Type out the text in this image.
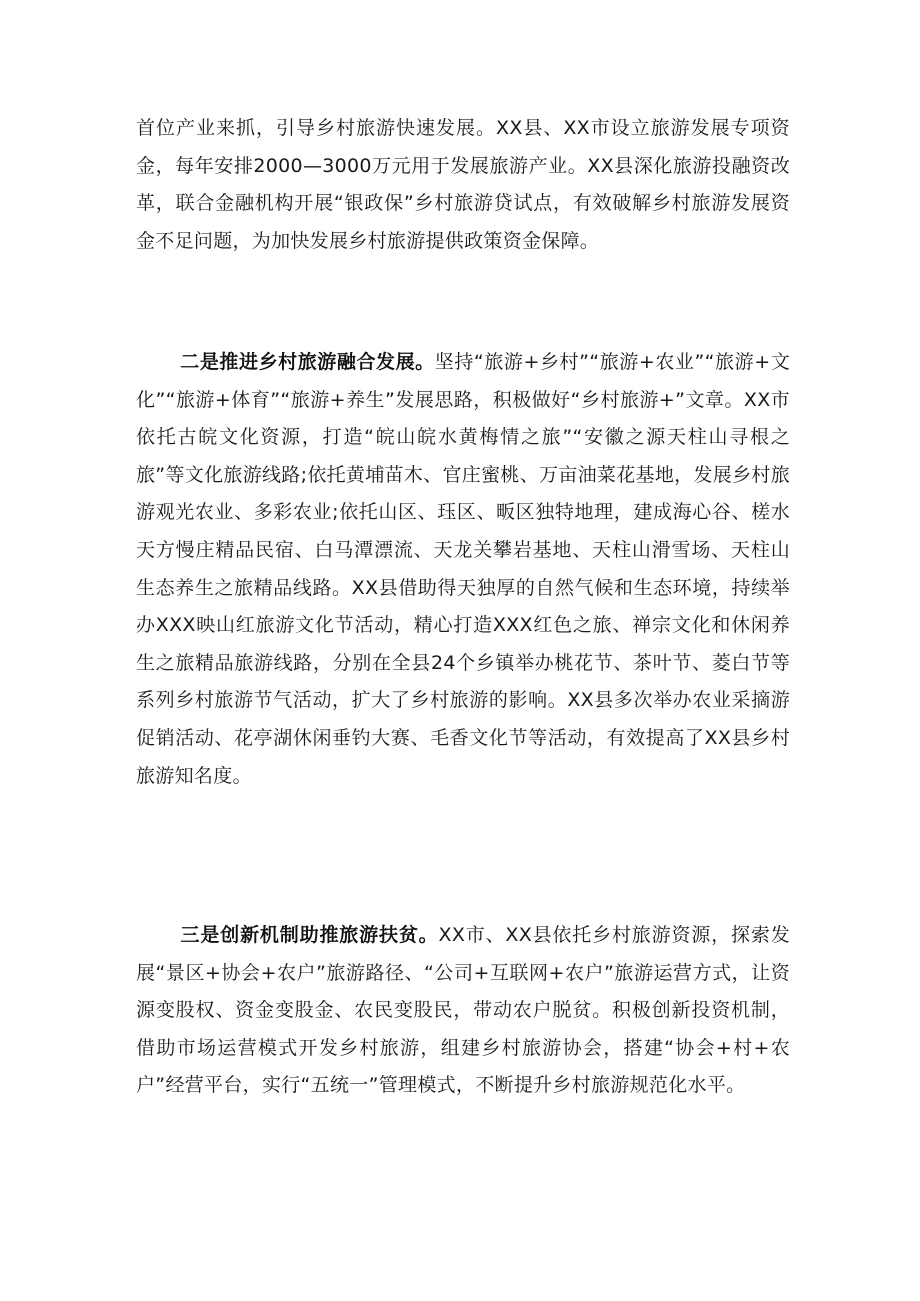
首位产业来抓，引导乡村旅游快速发展。XX县、XX市设立旅游发展专项资金，每年安排2000—3000万元用于发展旅游产业。XX县深化旅游投融资改革，联合金融机构开展“银政保”乡村旅游贷试点，有效破解乡村旅游发展资金不足问题，为加快发展乡村旅游提供政策资金保障。

二是推进乡村旅游融合发展。坚持“旅游+乡村”“旅游+农业”“旅游+文化”“旅游+体育”“旅游+养生”发展思路，积极做好“乡村旅游+”文章。XX市依托古皖文化资源，打造“皖山皖水黄梅情之旅”“安徽之源天柱山寻根之旅”等文化旅游线路;依托黄埔苗木、官庄蜜桃、万亩油菜花基地，发展乡村旅游观光农业、多彩农业;依托山区、珏区、畈区独特地理，建成海心谷、槎水天方慢庄精品民宿、白马潭漂流、天龙关攀岩基地、天柱山滑雪场、天柱山生态养生之旅精品线路。XX县借助得天独厚的自然气候和生态环境，持续举办XXX映山红旅游文化节活动，精心打造XXX红色之旅、禅宗文化和休闲养生之旅精品旅游线路，分别在全县24个乡镇举办桃花节、茶叶节、菱白节等系列乡村旅游节气活动，扩大了乡村旅游的影响。XX县多次举办农业采摘游促销活动、花亭湖休闲垂钓大赛、毛香文化节等活动，有效提高了XX县乡村旅游知名度。

三是创新机制助推旅游扶贫。XX市、XX县依托乡村旅游资源，探索发展“景区+协会+农户”旅游路径、“公司+互联网+农户”旅游运营方式，让资源变股权、资金变股金、农民变股民，带动农户脱贫。积极创新投资机制，借助市场运营模式开发乡村旅游，组建乡村旅游协会，搭建“协会+村+农户”经营平台，实行“五统一”管理模式，不断提升乡村旅游规范化水平。
